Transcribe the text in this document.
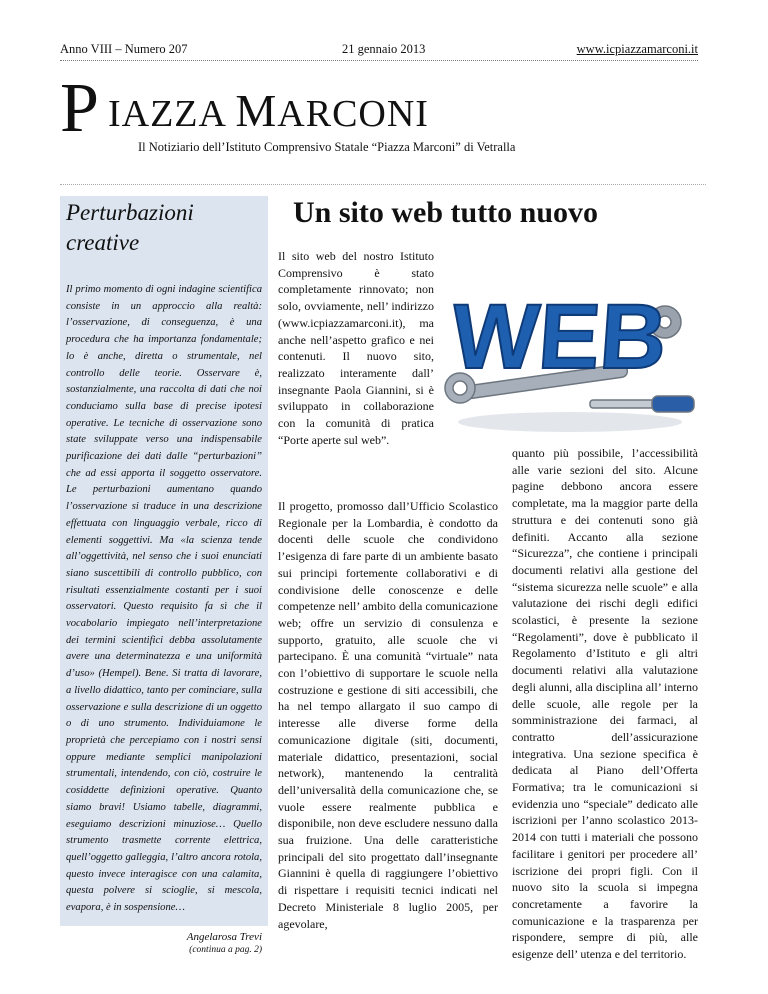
Anno VIII – Numero 207	21 gennaio 2013	www.icpiazzamarconi.it
P IAZZA MARCONI
Il Notiziario dell’Istituto Comprensivo Statale “Piazza Marconi” di Vetralla
Perturbazioni creative
Il primo momento di ogni indagine scientifica consiste in un approccio alla realtà: l’osservazione, di conseguenza, è una procedura che ha importanza fondamentale; lo è anche, diretta o strumentale, nel controllo delle teorie. Osservare è, sostanzialmente, una raccolta di dati che noi conduciamo sulla base di precise ipotesi operative. Le tecniche di osservazione sono state sviluppate verso una indispensabile purificazione dei dati dalle “perturbazioni” che ad essi apporta il soggetto osservatore. Le perturbazioni aumentano quando l’osservazione si traduce in una descrizione effettuata con linguaggio verbale, ricco di elementi soggettivi. Ma «la scienza tende all’oggettività, nel senso che i suoi enunciati siano suscettibili di controllo pubblico, con risultati essenzialmente costanti per i suoi osservatori. Questo requisito fa sì che il vocabolario impiegato nell’interpretazione dei termini scientifici debba assolutamente avere una determinatezza e una uniformità d’uso» (Hempel). Bene. Si tratta di lavorare, a livello didattico, tanto per cominciare, sulla osservazione e sulla descrizione di un oggetto o di uno strumento. Individuiamone le proprietà che percepiamo con i nostri sensi oppure mediante semplici manipolazioni strumentali, intendendo, con ciò, costruire le cosiddette definizioni operative. Quanto siamo bravi! Usiamo tabelle, diagrammi, eseguiamo descrizioni minuziose… Quello strumento trasmette corrente elettrica, quell’oggetto galleggia, l’altro ancora rotola, questo invece interagisce con una calamita, questa polvere si scioglie, si mescola, evapora, è in sospensione…
Angelarosa Trevi
(continua a pag. 2)
Un sito web tutto nuovo

Il sito web del nostro Istituto Comprensivo è stato completamente rinnovato; non solo, ovviamente, nell’ indirizzo (www.icpiazzamarconi.it), ma anche nell’aspetto grafico e nei contenuti. Il nuovo sito, realizzato interamente dall’ insegnante Paola Giannini, si è sviluppato in collaborazione con la comunità di pratica “Porte aperte sul web”.

WEB

Il progetto, promosso dall’Ufficio Scolastico Regionale per la Lombardia, è condotto da docenti delle scuole che condividono l’esigenza di fare parte di un ambiente basato sui principi fortemente collaborativi e di condivisione delle conoscenze e delle competenze nell’ ambito della comunicazione web; offre un servizio di consulenza e supporto, gratuito, alle scuole che vi partecipano. È una comunità “virtuale” nata con l’obiettivo di supportare le scuole nella costruzione e gestione di siti accessibili, che ha nel tempo allargato il suo campo di interesse alle diverse forme della comunicazione digitale (siti, documenti, materiale didattico, presentazioni, social network), mantenendo la centralità dell’universalità della comunicazione che, se vuole essere realmente pubblica e disponibile, non deve escludere nessuno dalla sua fruizione. Una delle caratteristiche principali del sito progettato dall’insegnante Giannini è quella di raggiungere l’obiettivo di rispettare i requisiti tecnici indicati nel Decreto Ministeriale 8 luglio 2005, per agevolare,

quanto più possibile, l’accessibilità alle varie sezioni del sito. Alcune pagine debbono ancora essere completate, ma la maggior parte della struttura e dei contenuti sono già definiti. Accanto alla sezione “Sicurezza”, che contiene i principali documenti relativi alla gestione del “sistema sicurezza nelle scuole” e alla valutazione dei rischi degli edifici scolastici, è presente la sezione “Regolamenti”, dove è pubblicato il Regolamento d’Istituto e gli altri documenti relativi alla valutazione degli alunni, alla disciplina all’ interno delle scuole, alle regole per la somministrazione dei farmaci, al contratto dell’assicurazione integrativa. Una sezione specifica è dedicata al Piano dell’Offerta Formativa; tra le comunicazioni si evidenzia uno “speciale” dedicato alle iscrizioni per l’anno scolastico 2013-2014 con tutti i materiali che possono facilitare i genitori per procedere all’ iscrizione dei propri figli. Con il nuovo sito la scuola si impegna concretamente a favorire la comunicazione e la trasparenza per rispondere, sempre di più, alle esigenze dell’ utenza e del territorio.
